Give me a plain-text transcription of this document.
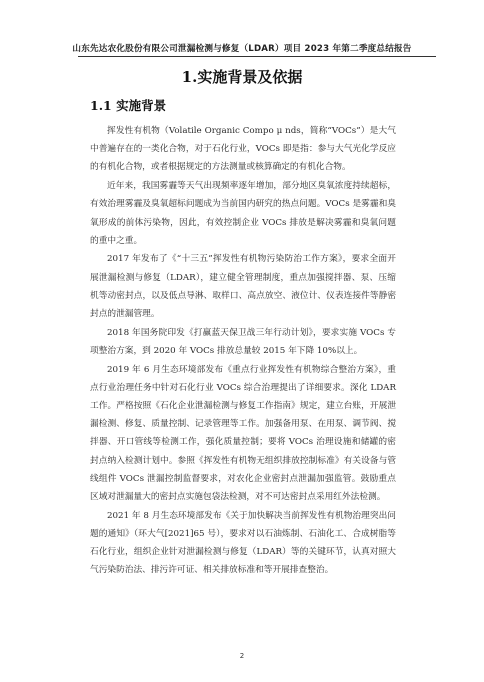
山东先达农化股份有限公司泄漏检测与修复（LDAR）项目 2023 年第二季度总结报告
1.实施背景及依据
1.1 实施背景

挥发性有机物（Volatile Organic Compo μ nds，简称“VOCs”）是大气中普遍存在的一类化合物，对于石化行业，VOCs 即是指：参与大气光化学反应的有机化合物，或者根据规定的方法测量或核算确定的有机化合物。

近年来，我国雾霾等天气出现频率逐年增加，部分地区臭氧浓度持续超标，有效治理雾霾及臭氧超标问题成为当前国内研究的热点问题。VOCs 是雾霾和臭氧形成的前体污染物，因此，有效控制企业 VOCs 排放是解决雾霾和臭氧问题的重中之重。

2017 年发布了《“十三五”挥发性有机物污染防治工作方案》，要求全面开展泄漏检测与修复（LDAR），建立健全管理制度，重点加强搅拌器、泵、压缩机等动密封点，以及低点导淋、取样口、高点放空、液位计、仪表连接件等静密封点的泄漏管理。

2018 年国务院印发《打赢蓝天保卫战三年行动计划》，要求实施 VOCs 专项整治方案，到 2020 年 VOCs 排放总量较 2015 年下降 10%以上。

2019 年 6 月生态环境部发布《重点行业挥发性有机物综合整治方案》，重点行业治理任务中针对石化行业 VOCs 综合治理提出了详细要求。深化 LDAR 工作。严格按照《石化企业泄漏检测与修复工作指南》规定，建立台账，开展泄漏检测、修复、质量控制、记录管理等工作。加强备用泵、在用泵、调节阀、搅拌器、开口管线等检测工作，强化质量控制；要将 VOCs 治理设施和储罐的密封点纳入检测计划中。参照《挥发性有机物无组织排放控制标准》有关设备与管线组件 VOCs 泄漏控制监督要求，对农化企业密封点泄漏加强监管。鼓励重点区域对泄漏量大的密封点实施包袋法检测，对不可达密封点采用红外法检测。

2021 年 8 月生态环境部发布《关于加快解决当前挥发性有机物治理突出问题的通知》（环大气[2021]65 号），要求对以石油炼制、石油化工、合成树脂等石化行业，组织企业针对泄漏检测与修复（LDAR）等的关键环节，认真对照大气污染防治法、排污许可证、相关排放标准和等开展排查整治。

2
